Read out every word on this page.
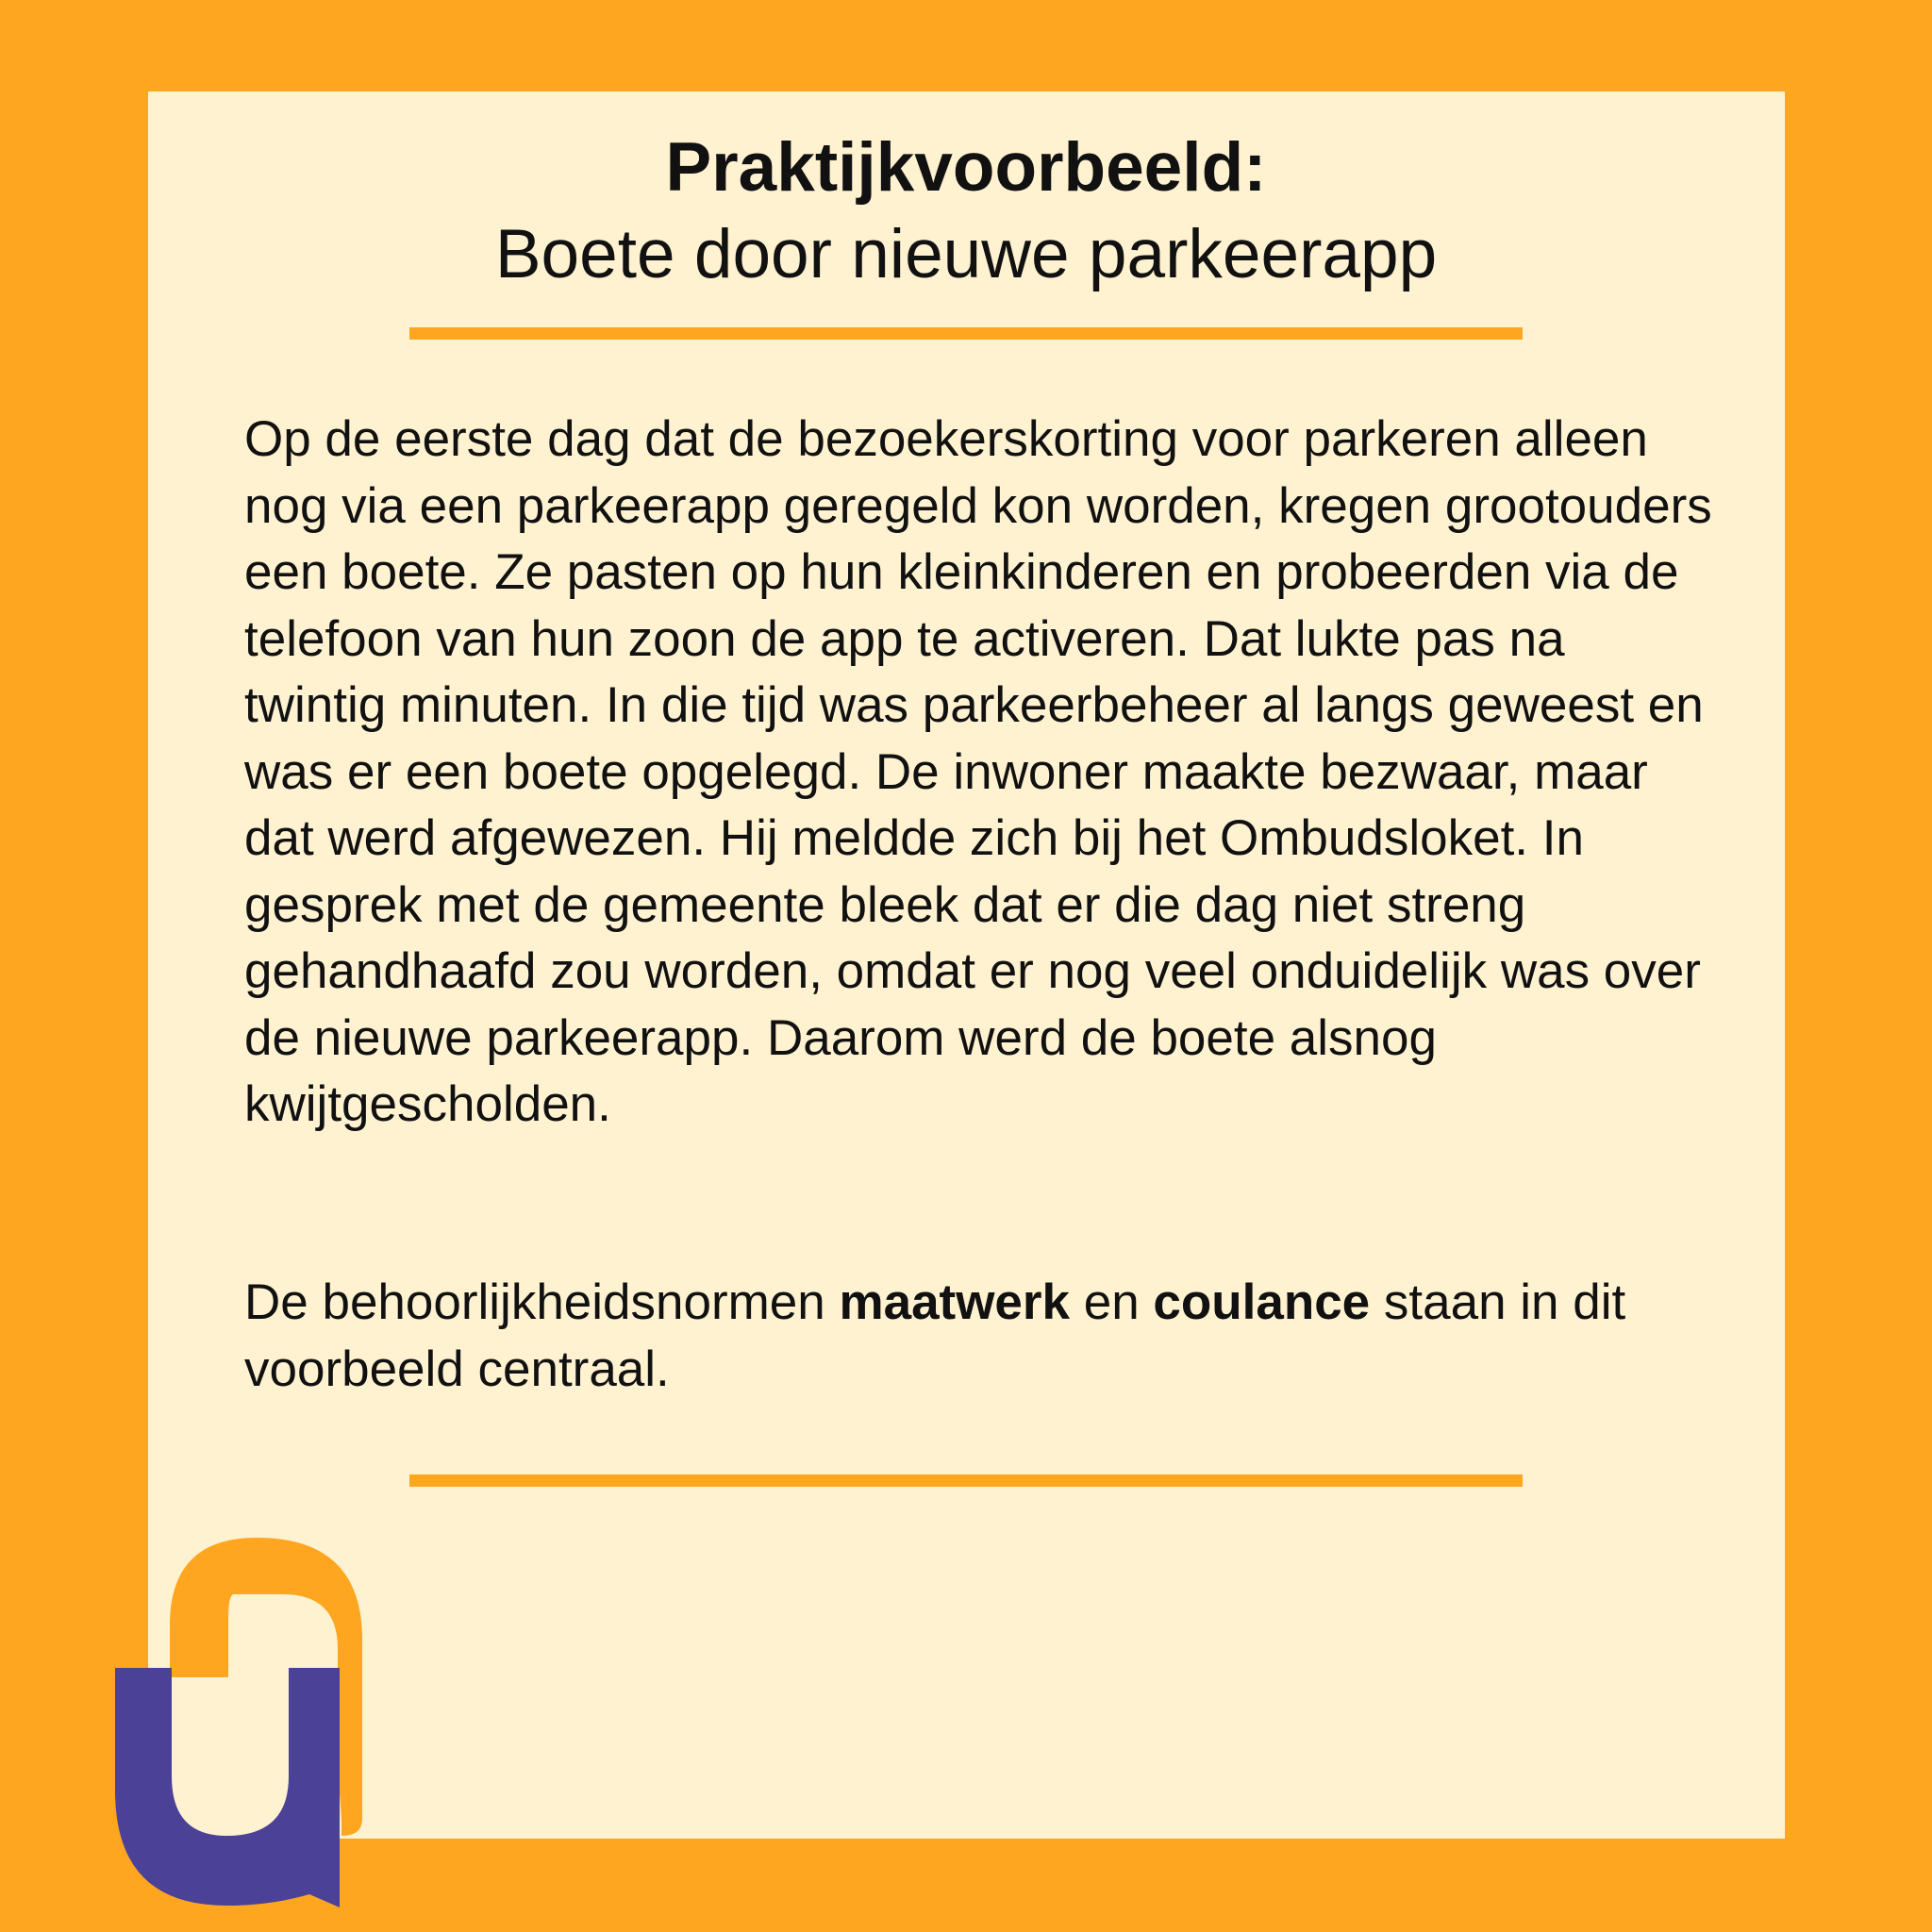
Praktijkvoorbeeld:
Boete door nieuwe parkeerapp

Op de eerste dag dat de bezoekerskorting voor parkeren alleen nog via een parkeerapp geregeld kon worden, kregen grootouders een boete. Ze pasten op hun kleinkinderen en probeerden via de telefoon van hun zoon de app te activeren. Dat lukte pas na twintig minuten. In die tijd was parkeerbeheer al langs geweest en was er een boete opgelegd. De inwoner maakte bezwaar, maar dat werd afgewezen. Hij meldde zich bij het Ombudsloket. In gesprek met de gemeente bleek dat er die dag niet streng gehandhaafd zou worden, omdat er nog veel onduidelijk was over de nieuwe parkeerapp. Daarom werd de boete alsnog kwijtgescholden.

De behoorlijkheidsnormen maatwerk en coulance staan in dit voorbeeld centraal.
